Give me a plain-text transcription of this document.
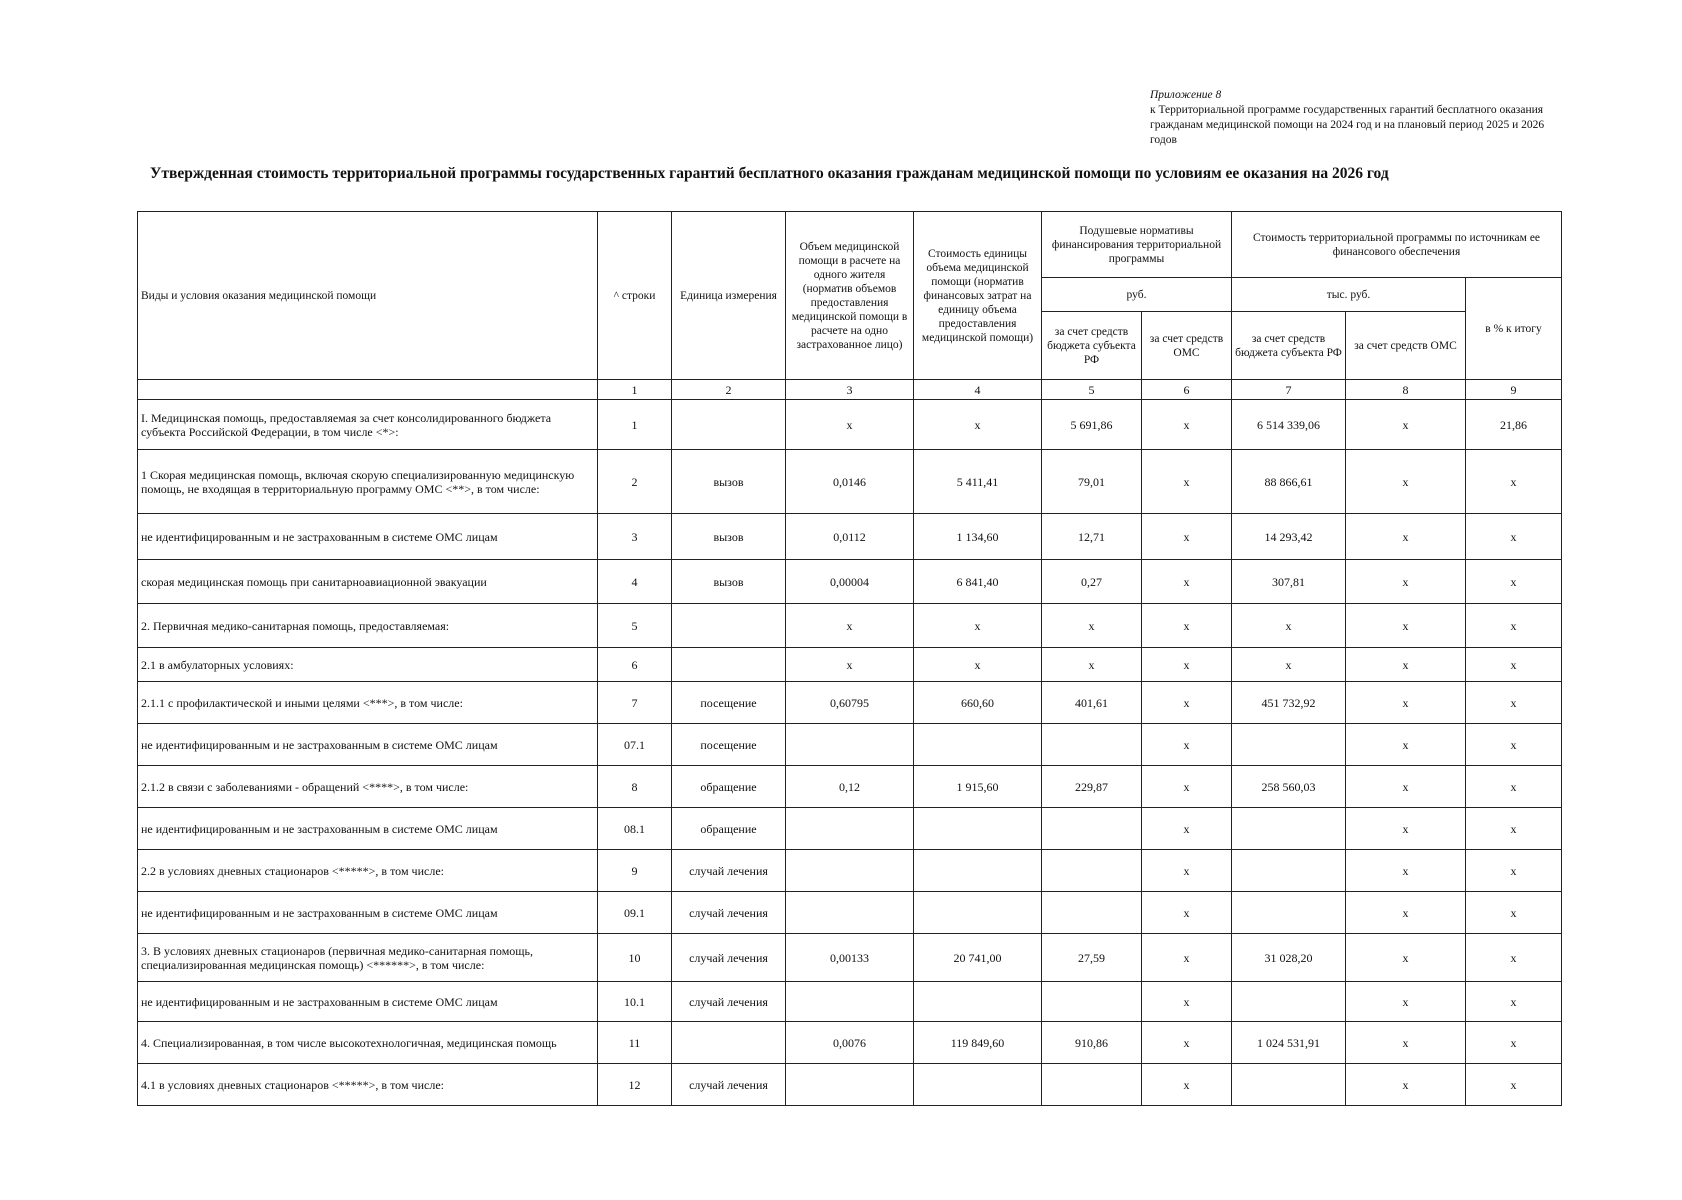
Приложение 8
к Территориальной программе государственных гарантий бесплатного оказания гражданам медицинской помощи на 2024 год и на плановый период 2025 и 2026 годов
Утвержденная стоимость территориальной программы государственных гарантий бесплатного оказания гражданам медицинской помощи по условиям ее оказания на 2026 год
Виды и условия оказания медицинской помощи	^ строки	Единица измерения	Объем медицинской помощи в расчете на одного жителя (норматив объемов предоставления медицинской помощи в расчете на одно застрахованное лицо)	Стоимость единицы объема медицинской помощи (норматив финансовых затрат на единицу объема предоставления медицинской помощи)	Подушевые нормативы финансирования территориальной программы		Стоимость территориальной программы по источникам ее финансового обеспечения		
					руб.		тыс. руб.		в % к итогу
					за счет средств бюджета субъекта РФ	за счет средств ОМС	за счет средств бюджета субъекта РФ	за счет средств ОМС	
	1	2	3	4	5	6	7	8	9
I. Медицинская помощь, предоставляемая за счет консолидированного бюджета субъекта Российской Федерации, в том числе <*>:	1		x	x	5 691,86	x	6 514 339,06	x	21,86
1 Скорая медицинская помощь, включая скорую специализированную медицинскую помощь, не входящая в территориальную программу ОМС <**>, в том числе:	2	вызов	0,0146	5 411,41	79,01	x	88 866,61	x	x
не идентифицированным и не застрахованным в системе ОМС лицам	3	вызов	0,0112	1 134,60	12,71	x	14 293,42	x	x
скорая медицинская помощь при санитарноавиационной эвакуации	4	вызов	0,00004	6 841,40	0,27	x	307,81	x	x
2. Первичная медико-санитарная помощь, предоставляемая:	5		x	x	x	x	x	x	x
2.1 в амбулаторных условиях:	6		x	x	x	x	x	x	x
2.1.1 с профилактической и иными целями <***>, в том числе:	7	посещение	0,60795	660,60	401,61	x	451 732,92	x	x
не идентифицированным и не застрахованным в системе ОМС лицам	07.1	посещение				x		x	x
2.1.2 в связи с заболеваниями - обращений <****>, в том числе:	8	обращение	0,12	1 915,60	229,87	x	258 560,03	x	x
не идентифицированным и не застрахованным в системе ОМС лицам	08.1	обращение				x		x	x
2.2 в условиях дневных стационаров <*****>, в том числе:	9	случай лечения				x		x	x
не идентифицированным и не застрахованным в системе ОМС лицам	09.1	случай лечения				x		x	x
3. В условиях дневных стационаров (первичная медико-санитарная помощь, специализированная медицинская помощь) <******>, в том числе:	10	случай лечения	0,00133	20 741,00	27,59	x	31 028,20	x	x
не идентифицированным и не застрахованным в системе ОМС лицам	10.1	случай лечения				x		x	x
4. Специализированная, в том числе высокотехнологичная, медицинская помощь	11		0,0076	119 849,60	910,86	x	1 024 531,91	x	x
4.1 в условиях дневных стационаров <*****>, в том числе:	12	случай лечения				x		x	x
